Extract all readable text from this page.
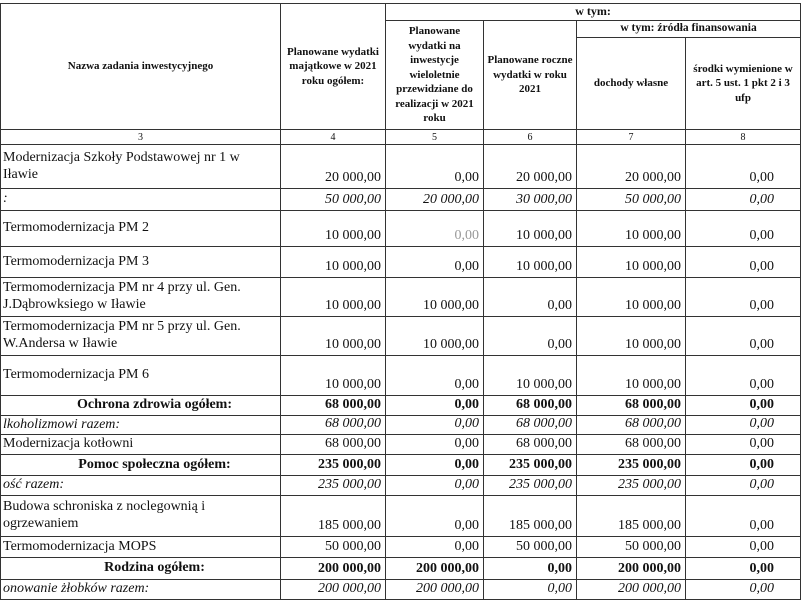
Nazwa zadania inwestycyjnego	Planowane wydatki majątkowe w 2021 roku ogółem:	w tym:			
		Planowane wydatki na inwestycje wieloletnie przewidziane do realizacji w 2021 roku	Planowane roczne wydatki w roku 2021	w tym: źródła finansowania	
				dochody własne	środki wymienione w art. 5 ust. 1 pkt 2 i 3 ufp
3	4	5	6	7	8
Modernizacja Szkoły Podstawowej nr 1 w Iławie	20 000,00	0,00	20 000,00	20 000,00	0,00
:	50 000,00	20 000,00	30 000,00	50 000,00	0,00
Termomodernizacja PM 2	10 000,00	0,00	10 000,00	10 000,00	0,00
Termomodernizacja PM 3	10 000,00	0,00	10 000,00	10 000,00	0,00
Termomodernizacja PM nr 4 przy ul. Gen. J.Dąbrowksiego w Iławie	10 000,00	10 000,00	0,00	10 000,00	0,00
Termomodernizacja PM nr 5 przy ul. Gen. W.Andersa w Iławie	10 000,00	10 000,00	0,00	10 000,00	0,00
Termomodernizacja PM 6	10 000,00	0,00	10 000,00	10 000,00	0,00
Ochrona zdrowia ogółem:	68 000,00	0,00	68 000,00	68 000,00	0,00
lkoholizmowi razem:	68 000,00	0,00	68 000,00	68 000,00	0,00
Modernizacja kotłowni	68 000,00	0,00	68 000,00	68 000,00	0,00
Pomoc społeczna ogółem:	235 000,00	0,00	235 000,00	235 000,00	0,00
ość razem:	235 000,00	0,00	235 000,00	235 000,00	0,00
Budowa schroniska z noclegownią i ogrzewaniem	185 000,00	0,00	185 000,00	185 000,00	0,00
Termomodernizacja MOPS	50 000,00	0,00	50 000,00	50 000,00	0,00
Rodzina ogółem:	200 000,00	200 000,00	0,00	200 000,00	0,00
onowanie żłobków razem:	200 000,00	200 000,00	0,00	200 000,00	0,00
